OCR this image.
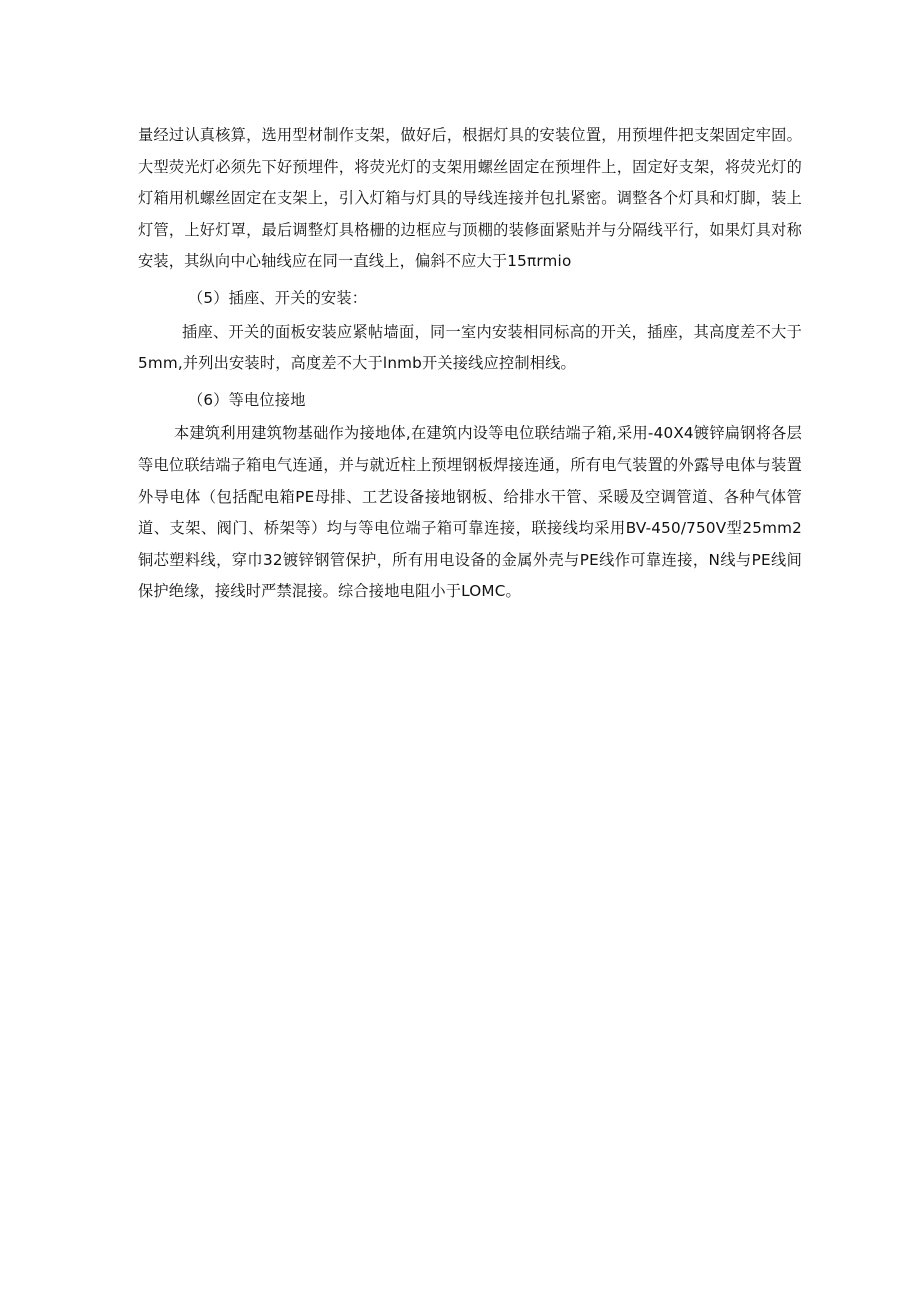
量经过认真核算，选用型材制作支架，做好后，根据灯具的安装位置，用预埋件把支架固定牢固。大型荧光灯必须先下好预埋件，将荧光灯的支架用螺丝固定在预埋件上，固定好支架，将荧光灯的灯箱用机螺丝固定在支架上，引入灯箱与灯具的导线连接并包扎紧密。调整各个灯具和灯脚，装上灯管，上好灯罩，最后调整灯具格栅的边框应与顶棚的装修面紧贴并与分隔线平行，如果灯具对称安装，其纵向中心轴线应在同一直线上，偏斜不应大于15πrmio

（5）插座、开关的安装：

插座、开关的面板安装应紧帖墙面，同一室内安装相同标高的开关，插座，其高度差不大于5mm,并列出安装时，高度差不大于lnmb开关接线应控制相线。

（6）等电位接地

本建筑利用建筑物基础作为接地体,在建筑内设等电位联结端子箱,采用-40X4镀锌扁钢将各层等电位联结端子箱电气连通，并与就近柱上预埋钢板焊接连通，所有电气装置的外露导电体与装置外导电体（包括配电箱PE母排、工艺设备接地钢板、给排水干管、采暖及空调管道、各种气体管道、支架、阀门、桥架等）均与等电位端子箱可靠连接，联接线均采用BV-450/750V型25mm2铜芯塑料线，穿巾32镀锌钢管保护，所有用电设备的金属外壳与PE线作可靠连接，N线与PE线间保护绝缘，接线时严禁混接。综合接地电阻小于LOMC。
